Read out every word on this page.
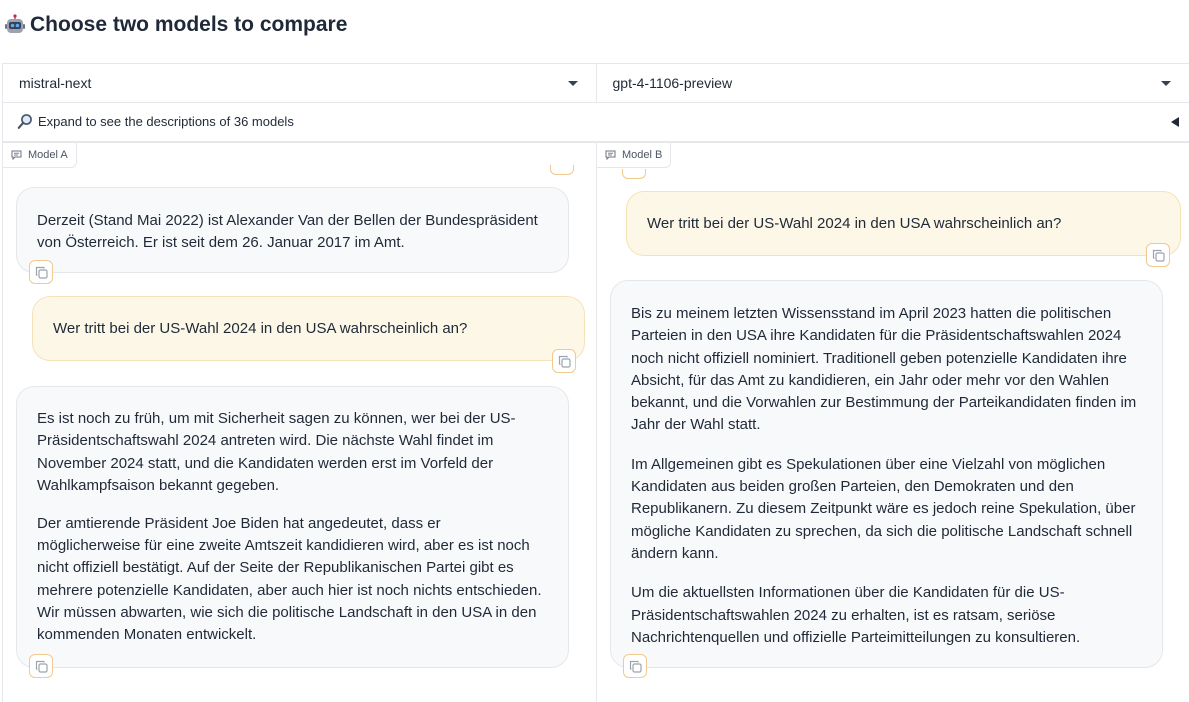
Choose two models to compare
mistral-next	gpt-4-1106-preview
Expand to see the descriptions of 36 models
Model A

Derzeit (Stand Mai 2022) ist Alexander Van der Bellen der Bundespräsident von Österreich. Er ist seit dem 26. Januar 2017 im Amt.

Wer tritt bei der US-Wahl 2024 in den USA wahrscheinlich an?

Es ist noch zu früh, um mit Sicherheit sagen zu können, wer bei der US-Präsidentschaftswahl 2024 antreten wird. Die nächste Wahl findet im November 2024 statt, und die Kandidaten werden erst im Vorfeld der Wahlkampfsaison bekannt gegeben.

Der amtierende Präsident Joe Biden hat angedeutet, dass er möglicherweise für eine zweite Amtszeit kandidieren wird, aber es ist noch nicht offiziell bestätigt. Auf der Seite der Republikanischen Partei gibt es mehrere potenzielle Kandidaten, aber auch hier ist noch nichts entschieden. Wir müssen abwarten, wie sich die politische Landschaft in den USA in den kommenden Monaten entwickelt.

Model B

Wer tritt bei der US-Wahl 2024 in den USA wahrscheinlich an?

Bis zu meinem letzten Wissensstand im April 2023 hatten die politischen Parteien in den USA ihre Kandidaten für die Präsidentschaftswahlen 2024 noch nicht offiziell nominiert. Traditionell geben potenzielle Kandidaten ihre Absicht, für das Amt zu kandidieren, ein Jahr oder mehr vor den Wahlen bekannt, und die Vorwahlen zur Bestimmung der Parteikandidaten finden im Jahr der Wahl statt.

Im Allgemeinen gibt es Spekulationen über eine Vielzahl von möglichen Kandidaten aus beiden großen Parteien, den Demokraten und den Republikanern. Zu diesem Zeitpunkt wäre es jedoch reine Spekulation, über mögliche Kandidaten zu sprechen, da sich die politische Landschaft schnell ändern kann.

Um die aktuellsten Informationen über die Kandidaten für die US-Präsidentschaftswahlen 2024 zu erhalten, ist es ratsam, seriöse Nachrichtenquellen und offizielle Parteimitteilungen zu konsultieren.
